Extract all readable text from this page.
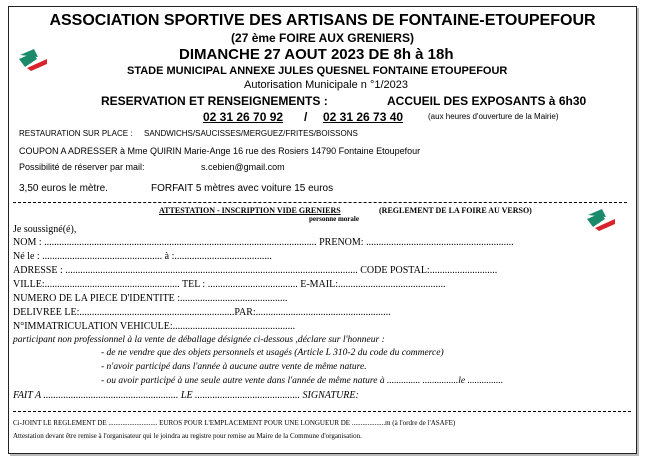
ASSOCIATION SPORTIVE DES ARTISANS DE FONTAINE-ETOUPEFOUR
(27 ème FOIRE AUX GRENIERS)
DIMANCHE 27 AOUT 2023 DE 8h à 18h
STADE MUNICIPAL ANNEXE JULES QUESNEL FONTAINE ETOUPEFOUR
Autorisation Municipale n °1/2023
RESERVATION ET RENSEIGNEMENTS :	ACCUEIL DES EXPOSANTS à 6h30
02 31 26 70 92 / 02 31 26 73 40	(aux heures d'ouverture de la Mairie)
RESTAURATION SUR PLACE : SANDWICHS/SAUCISSES/MERGUEZ/FRITES/BOISSONS
COUPON A ADRESSER à Mme QUIRIN Marie-Ange 16 rue des Rosiers 14790 Fontaine Etoupefour
Possibilité de réserver par mail:	s.cebien@gmail.com
3,50 euros le mètre.	FORFAIT 5 mètres avec voiture 15 euros
ATTESTATION - INSCRIPTION VIDE GRENIERS
personne morale
(REGLEMENT DE LA FOIRE AU VERSO)
Je soussigné(é),
NOM : ............................................................................................................. PRENOM: ...........................................................
Né le : ................................................ à :.......................................
ADRESSE : ..................................................................................................................... CODE POSTAL:...........................
VILLE:...................................................... TEL : .................................... E-MAIL:...........................................
NUMERO DE LA PIECE D'IDENTITE :...........................................
DELIVREE LE:..............................................................PAR:......................................................
N°IMMATRICULATION VEHICULE:.................................................
participant non professionnel à la vente de déballage désignée ci-dessous ,déclare sur l'honneur :
- de ne vendre que des objets personnels et usagés (Article L 310-2 du code du commerce)
- n'avoir participé dans l'année à aucune autre vente de même nature.
- ou avoir participé à une seule autre vente dans l'année de même nature à .............. ...............le ...............
FAIT A ...................................................... LE .......................................... SIGNATURE:
Ci-JOINT LE REGLEMENT DE ............................ EUROS POUR L'EMPLACEMENT POUR UNE LONGUEUR DE ...................m (à l'ordre de l'ASAFE)
Attestation devant être remise à l'organisateur qui le joindra au registre pour remise au Maire de la Commune d'organisation.
